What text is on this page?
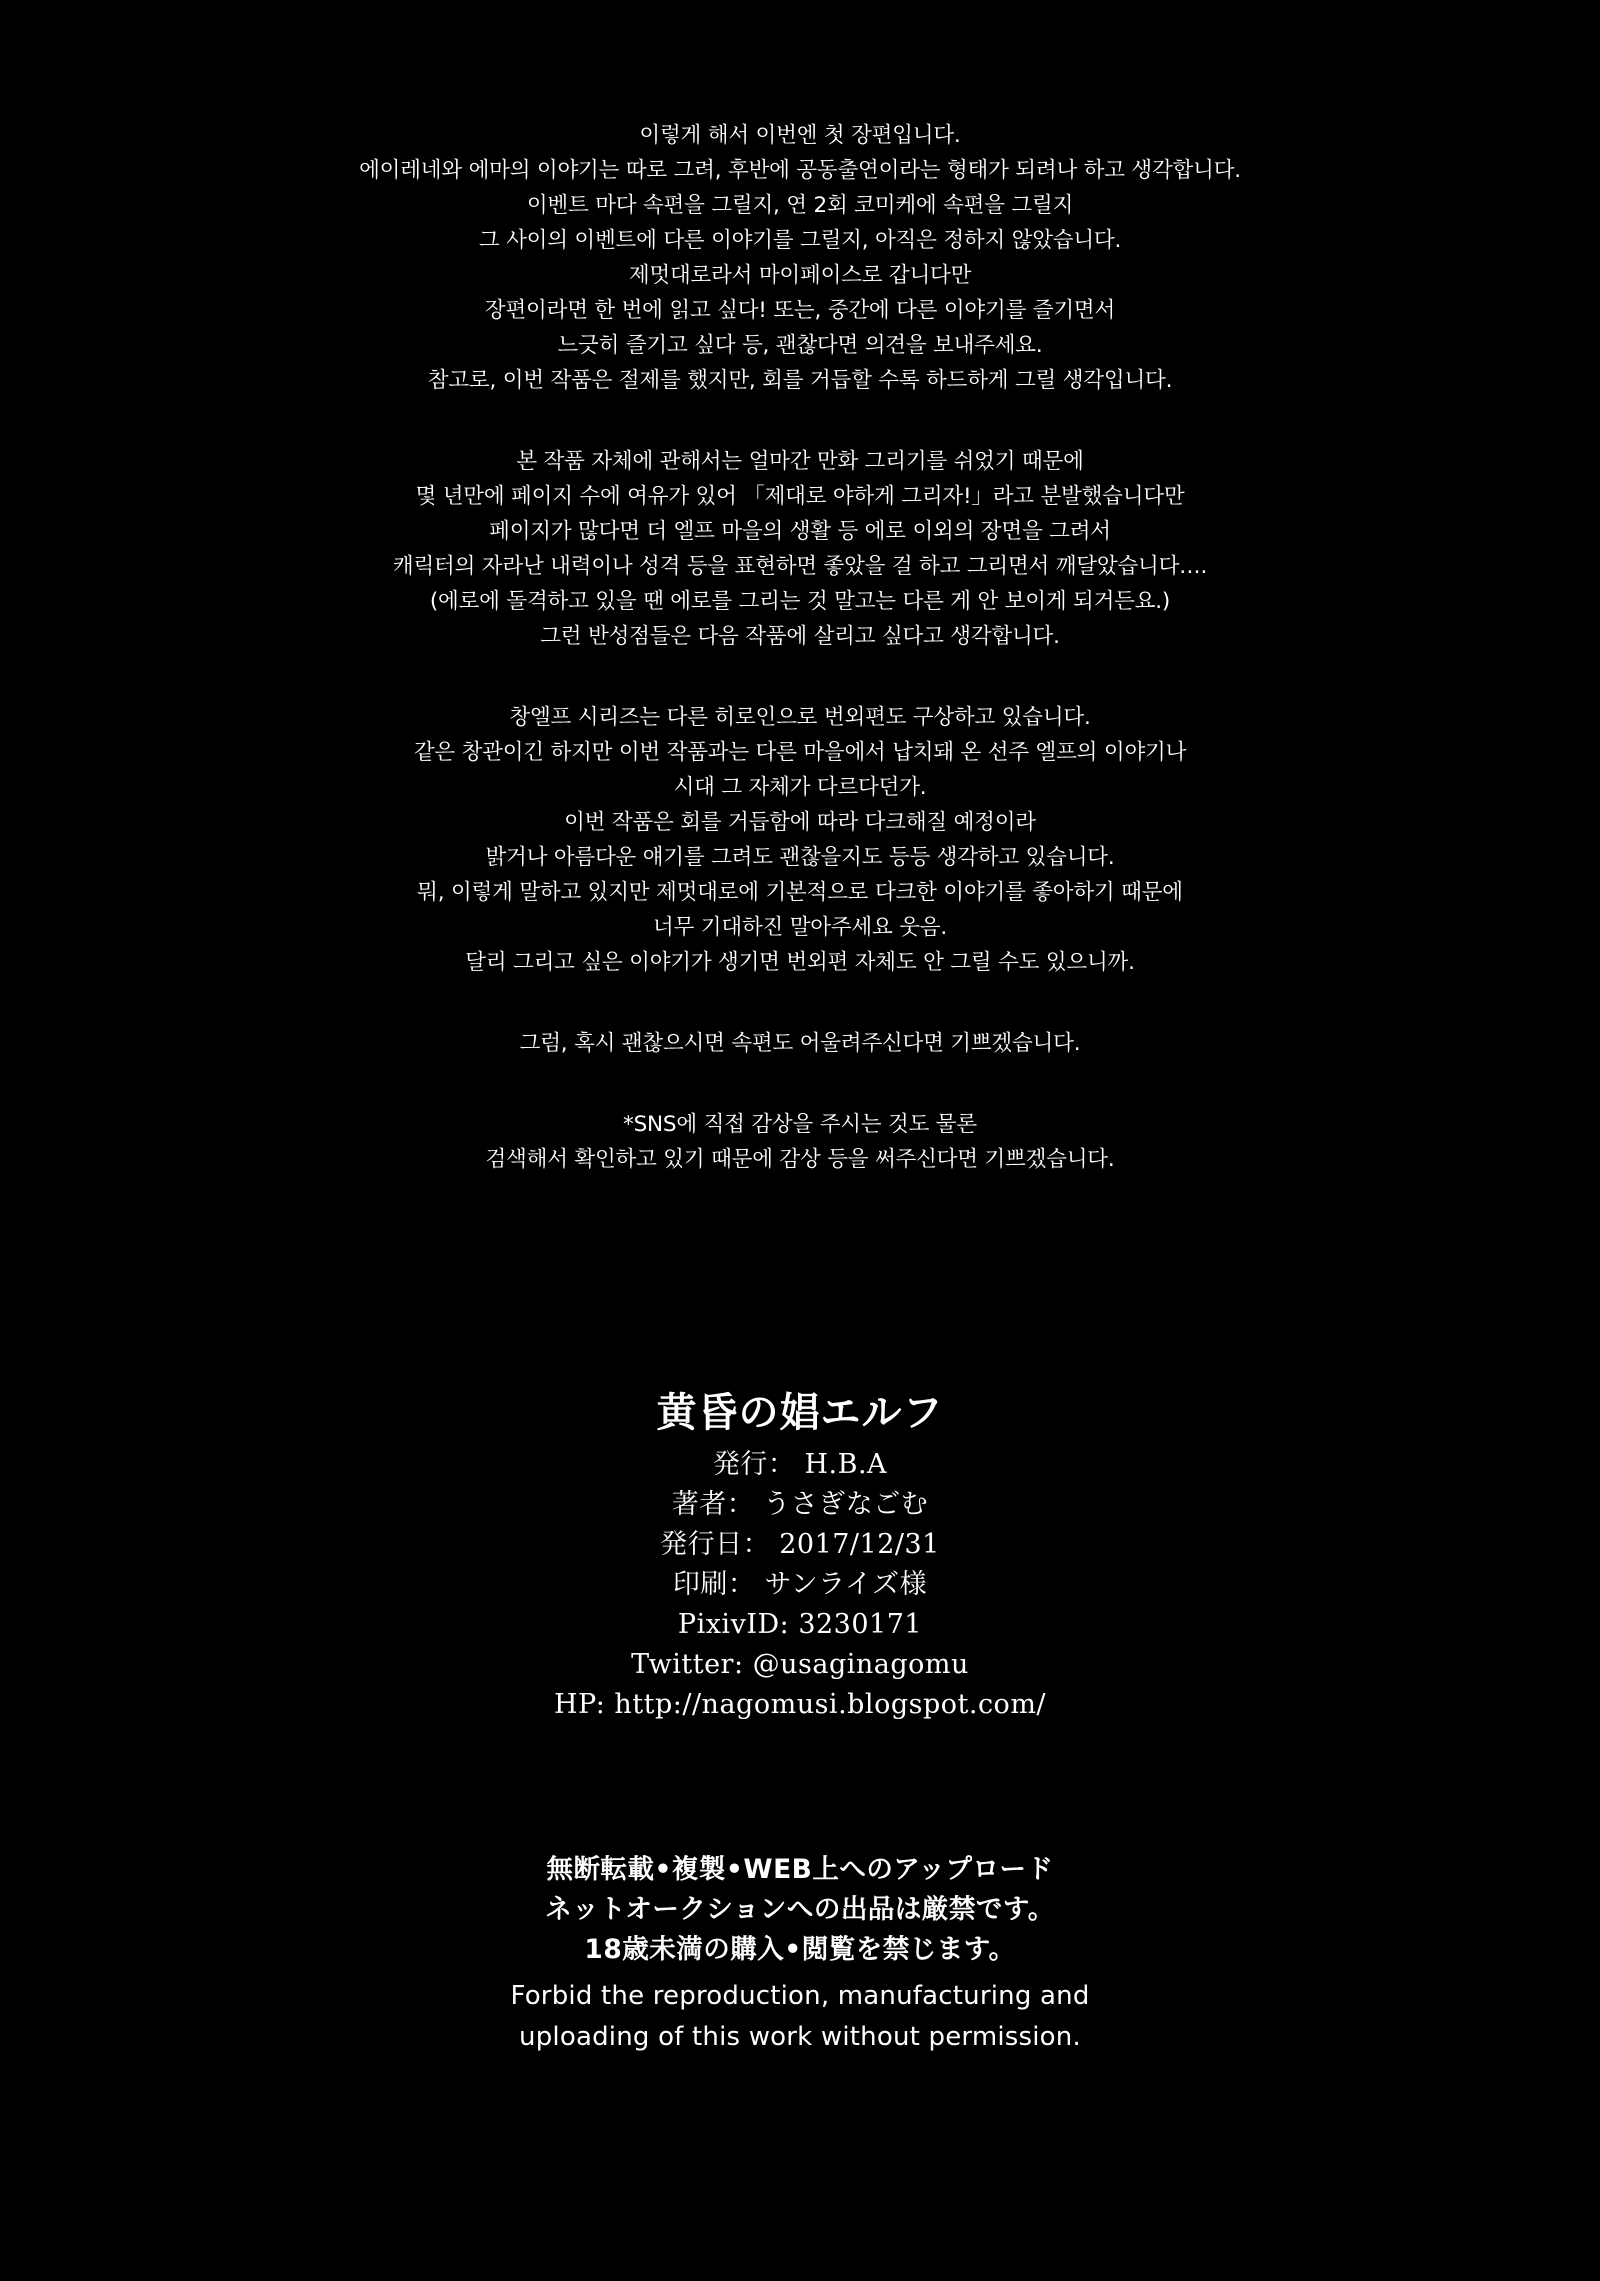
이렇게 해서 이번엔 첫 장편입니다.
에이레네와 에마의 이야기는 따로 그려, 후반에 공동출연이라는 형태가 되려나 하고 생각합니다.
이벤트 마다 속편을 그릴지, 연 2회 코미케에 속편을 그릴지
그 사이의 이벤트에 다른 이야기를 그릴지, 아직은 정하지 않았습니다.
제멋대로라서 마이페이스로 갑니다만
장편이라면 한 번에 읽고 싶다! 또는, 중간에 다른 이야기를 즐기면서
느긋히 즐기고 싶다 등, 괜찮다면 의견을 보내주세요.
참고로, 이번 작품은 절제를 했지만, 회를 거듭할 수록 하드하게 그릴 생각입니다.
본 작품 자체에 관해서는 얼마간 만화 그리기를 쉬었기 때문에
몇 년만에 페이지 수에 여유가 있어 「제대로 야하게 그리자!」라고 분발했습니다만
페이지가 많다면 더 엘프 마을의 생활 등 에로 이외의 장면을 그려서
캐릭터의 자라난 내력이나 성격 등을 표현하면 좋았을 걸 하고 그리면서 깨달았습니다….
(에로에 돌격하고 있을 땐 에로를 그리는 것 말고는 다른 게 안 보이게 되거든요.)
그런 반성점들은 다음 작품에 살리고 싶다고 생각합니다.
창엘프 시리즈는 다른 히로인으로 번외편도 구상하고 있습니다.
같은 창관이긴 하지만 이번 작품과는 다른 마을에서 납치돼 온 선주 엘프의 이야기나
시대 그 자체가 다르다던가.
이번 작품은 회를 거듭함에 따라 다크해질 예정이라
밝거나 아름다운 얘기를 그려도 괜찮을지도 등등 생각하고 있습니다.
뭐, 이렇게 말하고 있지만 제멋대로에 기본적으로 다크한 이야기를 좋아하기 때문에
너무 기대하진 말아주세요 웃음.
달리 그리고 싶은 이야기가 생기면 번외편 자체도 안 그릴 수도 있으니까.
그럼, 혹시 괜찮으시면 속편도 어울려주신다면 기쁘겠습니다.
*SNS에 직접 감상을 주시는 것도 물론
검색해서 확인하고 있기 때문에 감상 등을 써주신다면 기쁘겠습니다.
黄昏の娼エルフ
発行： H.B.A
著者： うさぎなごむ
発行日： 2017/12/31
印刷： サンライズ様
PixivID: 3230171
Twitter: @usaginagomu
HP: http://nagomusi.blogspot.com/
無断転載•複製•WEB上へのアップロード
ネットオークションへの出品は厳禁です。
18歳未満の購入•閲覧を禁じます。
Forbid the reproduction, manufacturing and
uploading of this work without permission.
